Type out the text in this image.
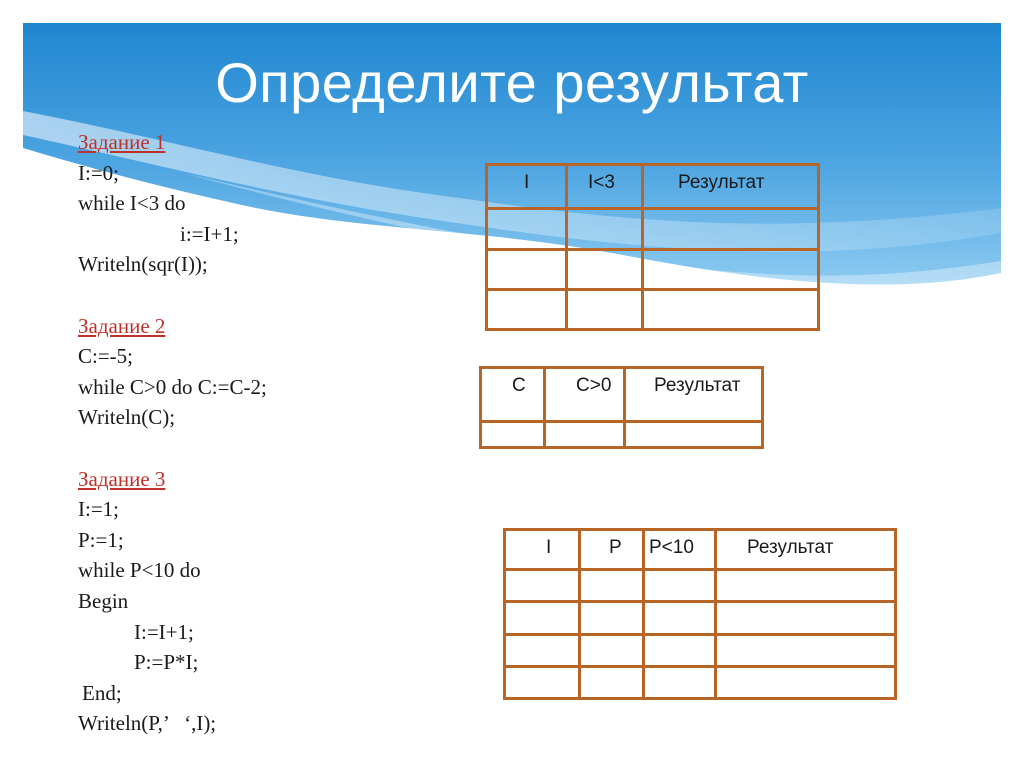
Определите результат
Задание 1
I:=0;
while I<3 do
i:=I+1;
Writeln(sqr(I));
Задание 2
C:=-5;
while C>0 do C:=C-2;
Writeln(C);
Задание 3
I:=1;
P:=1;
while P<10 do
Begin
I:=I+1;
P:=P*I;
End;
Writeln(P,’   ‘,I);
I	I<3	Результат

C	C>0	Результат

I	P	P<10	Результат
